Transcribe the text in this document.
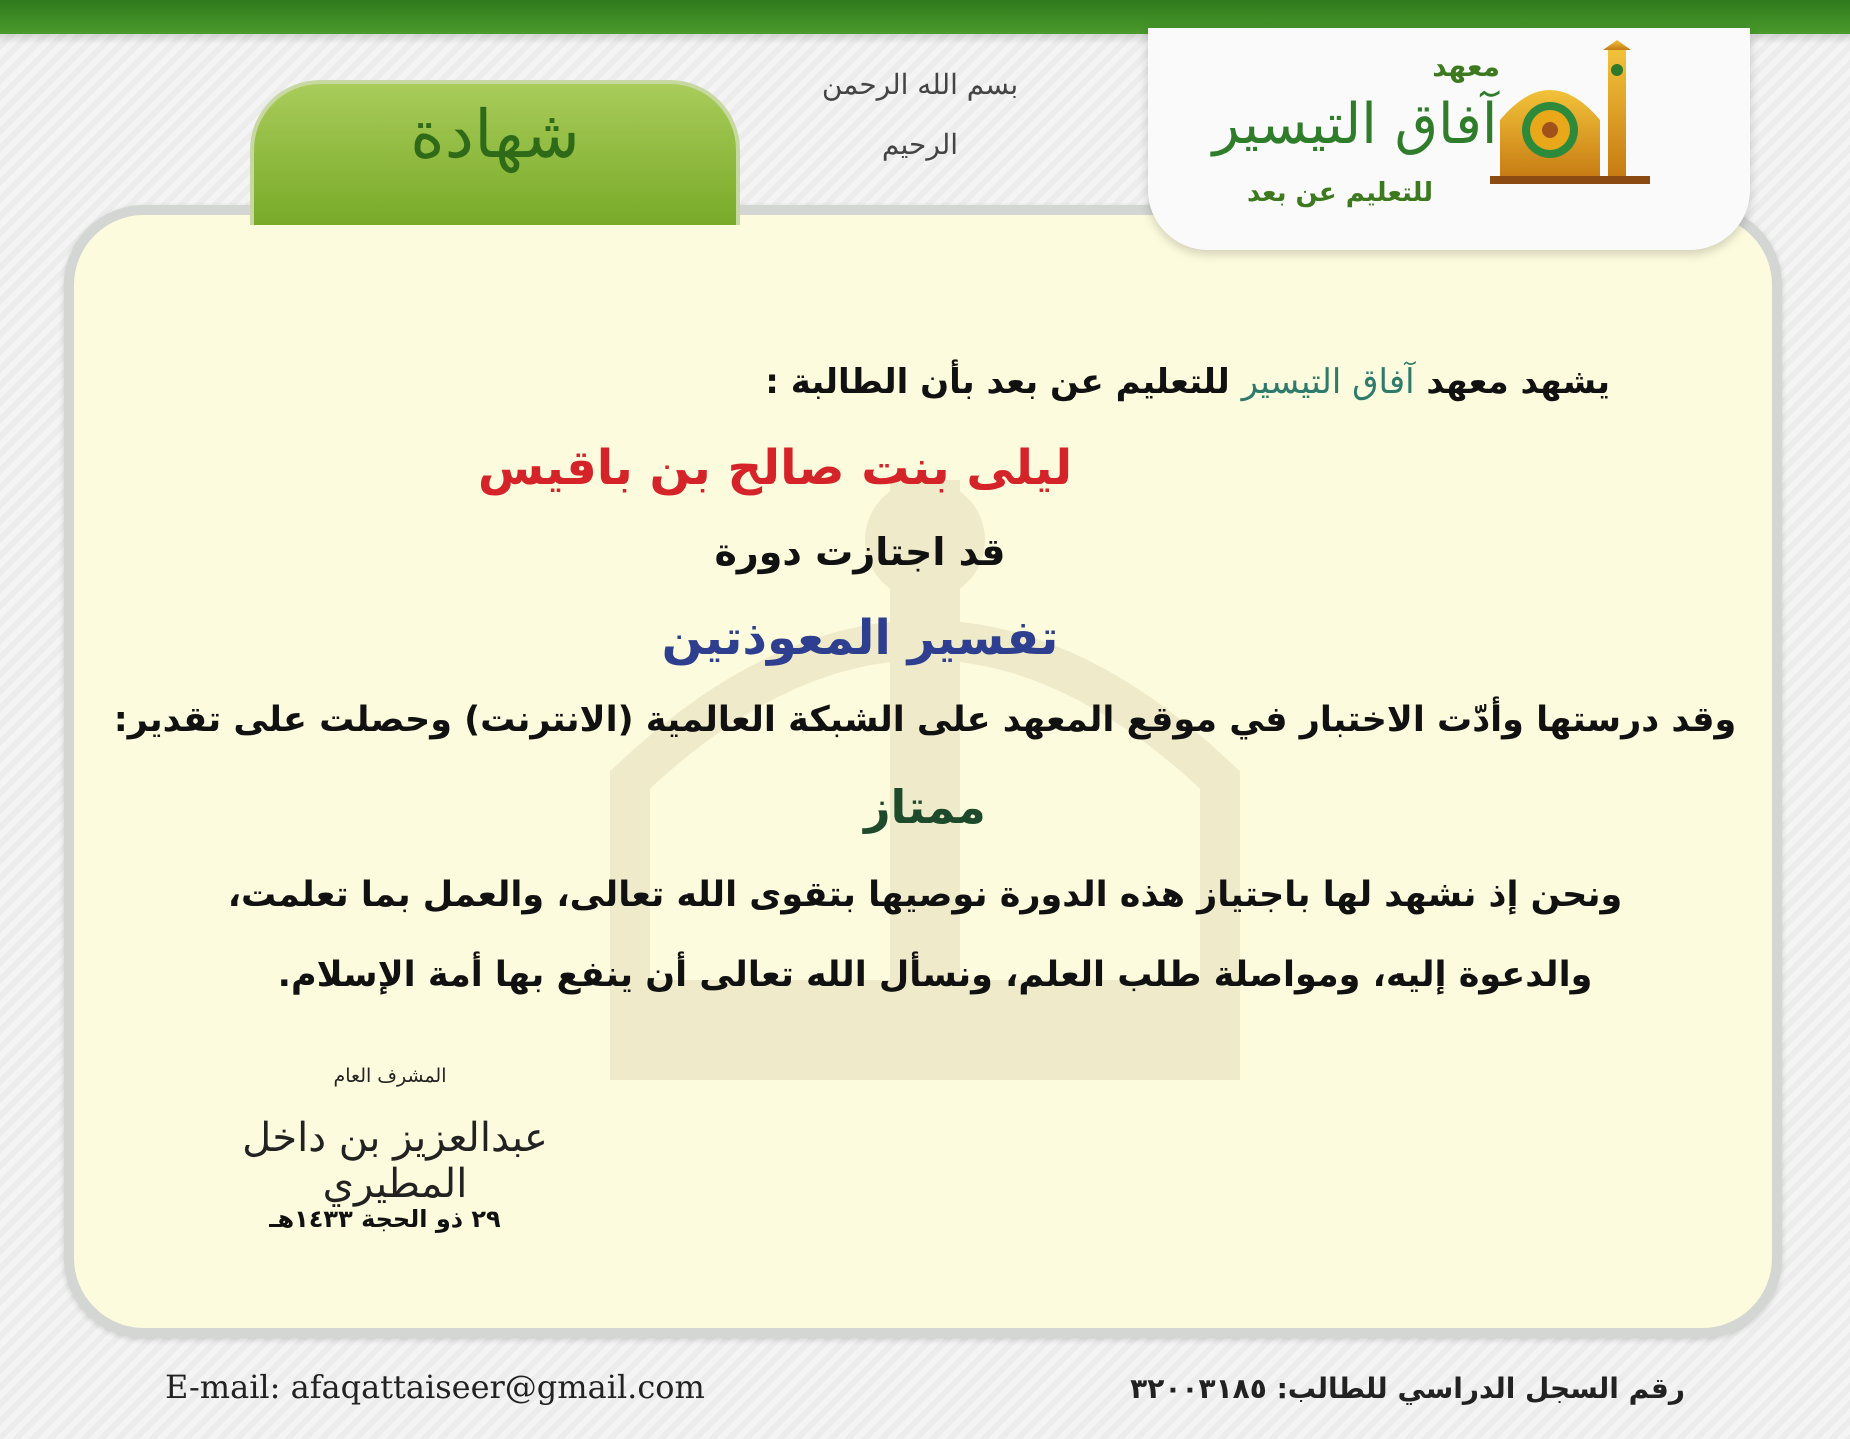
شهادة
بسم الله الرحمن الرحيم
معهد
آفاق التيسير
للتعليم عن بعد
يشهد معهد آفاق التيسير للتعليم عن بعد بأن الطالبة :
ليلى بنت صالح بن باقيس
قد اجتازت دورة
تفسير المعوذتين
وقد درستها وأدّت الاختبار في موقع المعهد على الشبكة العالمية (الانترنت) وحصلت على تقدير:
ممتاز
ونحن إذ نشهد لها باجتياز هذه الدورة نوصيها بتقوى الله تعالى، والعمل بما تعلمت،
والدعوة إليه، ومواصلة طلب العلم، ونسأل الله تعالى أن ينفع بها أمة الإسلام.
المشرف العام
عبدالعزيز بن داخل المطيري
٢٩ ذو الحجة ١٤٣٣هـ
E-mail: afaqattaiseer@gmail.com	رقم السجل الدراسي للطالب: ٣٢٠٠٣١٨٥
